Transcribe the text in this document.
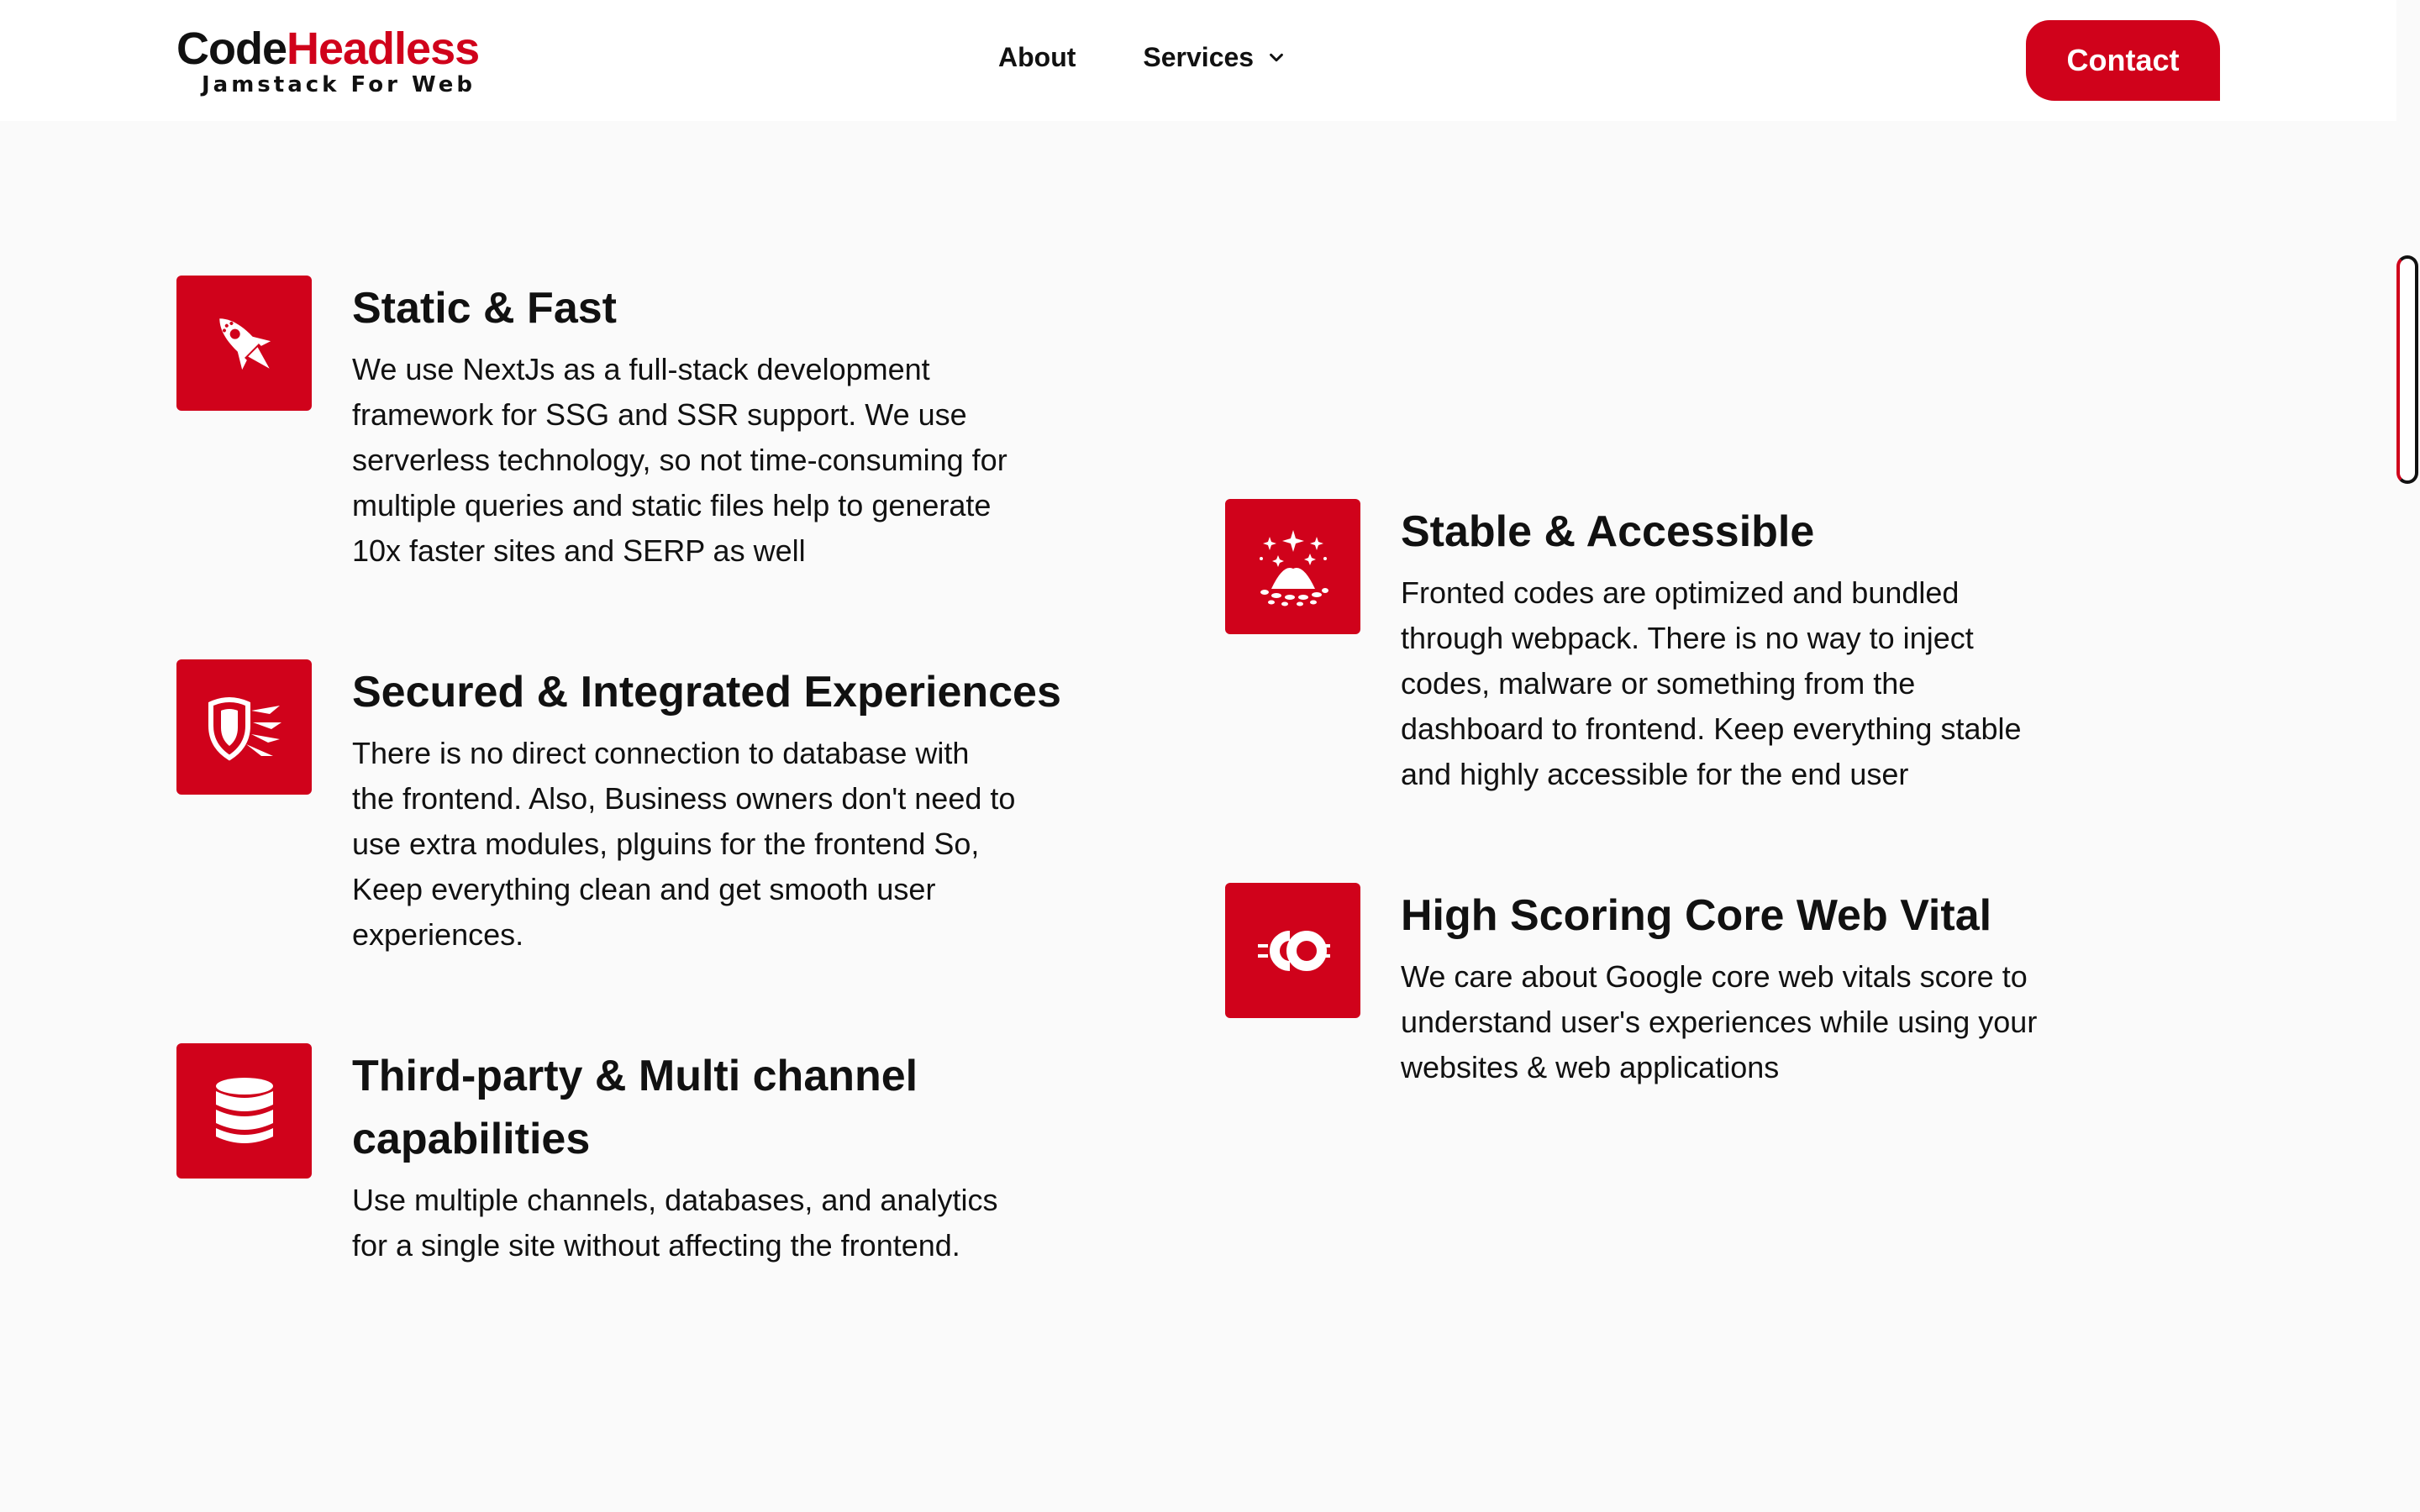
CodeHeadless
Jamstack For Web
About	Services	Contact
Static & Fast

We use NextJs as a full-stack development framework for SSG and SSR support. We use serverless technology, so not time-consuming for multiple queries and static files help to generate 10x faster sites and SERP as well

Secured & Integrated Experiences

There is no direct connection to database with the frontend. Also, Business owners don't need to use extra modules, plguins for the frontend So, Keep everything clean and get smooth user experiences.

Third-party & Multi channel capabilities

Use multiple channels, databases, and analytics for a single site without affecting the frontend.

Stable & Accessible

Fronted codes are optimized and bundled through webpack. There is no way to inject codes, malware or something from the dashboard to frontend. Keep everything stable and highly accessible for the end user

High Scoring Core Web Vital

We care about Google core web vitals score to understand user's experiences while using your websites & web applications
